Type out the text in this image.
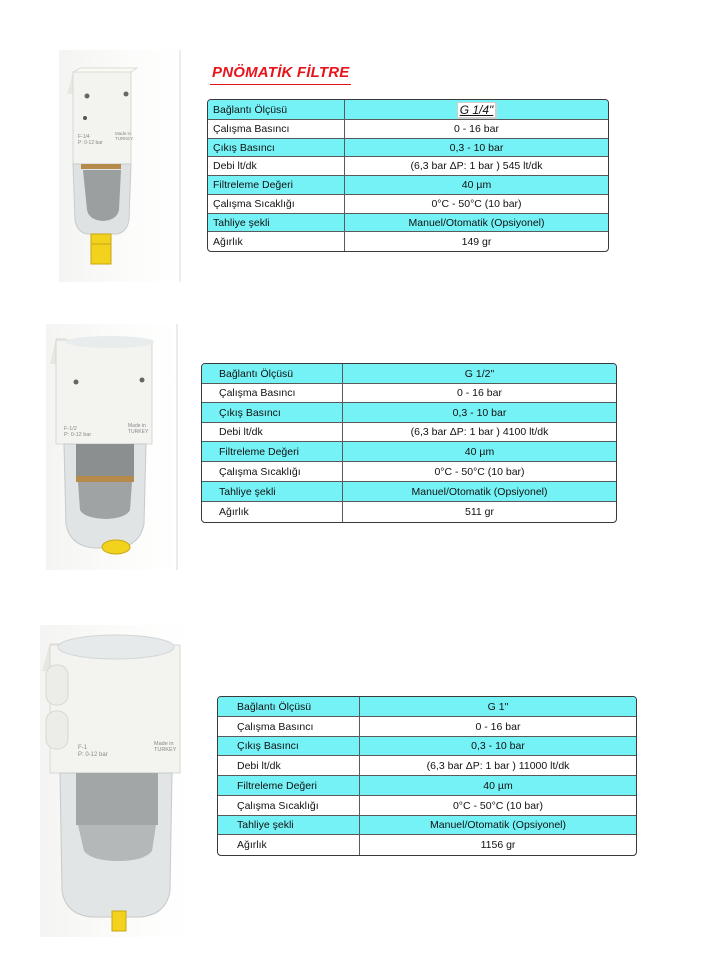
PNÖMATİK FİLTRE
F-1/4
P: 0-12 bar
Made in
TURKEY
Bağlantı Ölçüsü	G 1/4"
Çalışma Basıncı	0 - 16 bar
Çıkış Basıncı	0,3 - 10 bar
Debi lt/dk	(6,3 bar ΔP: 1 bar ) 545 lt/dk
Filtreleme Değeri	40 µm
Çalışma Sıcaklığı	0°C - 50°C (10 bar)
Tahliye şekli	Manuel/Otomatik (Opsiyonel)
Ağırlık	149 gr
F-1/2
P: 0-12 bar
Made in
TURKEY
Bağlantı Ölçüsü	G 1/2"
Çalışma Basıncı	0 - 16 bar
Çıkış Basıncı	0,3 - 10 bar
Debi lt/dk	(6,3 bar ΔP: 1 bar ) 4100 lt/dk
Filtreleme Değeri	40 µm
Çalışma Sıcaklığı	0°C - 50°C (10 bar)
Tahliye şekli	Manuel/Otomatik (Opsiyonel)
Ağırlık	511 gr
F-1
P: 0-12 bar
Made in
TURKEY
Bağlantı Ölçüsü	G 1"
Çalışma Basıncı	0 - 16 bar
Çıkış Basıncı	0,3 - 10 bar
Debi lt/dk	(6,3 bar ΔP: 1 bar ) 11000 lt/dk
Filtreleme Değeri	40 µm
Çalışma Sıcaklığı	0°C - 50°C (10 bar)
Tahliye şekli	Manuel/Otomatik (Opsiyonel)
Ağırlık	1156 gr
